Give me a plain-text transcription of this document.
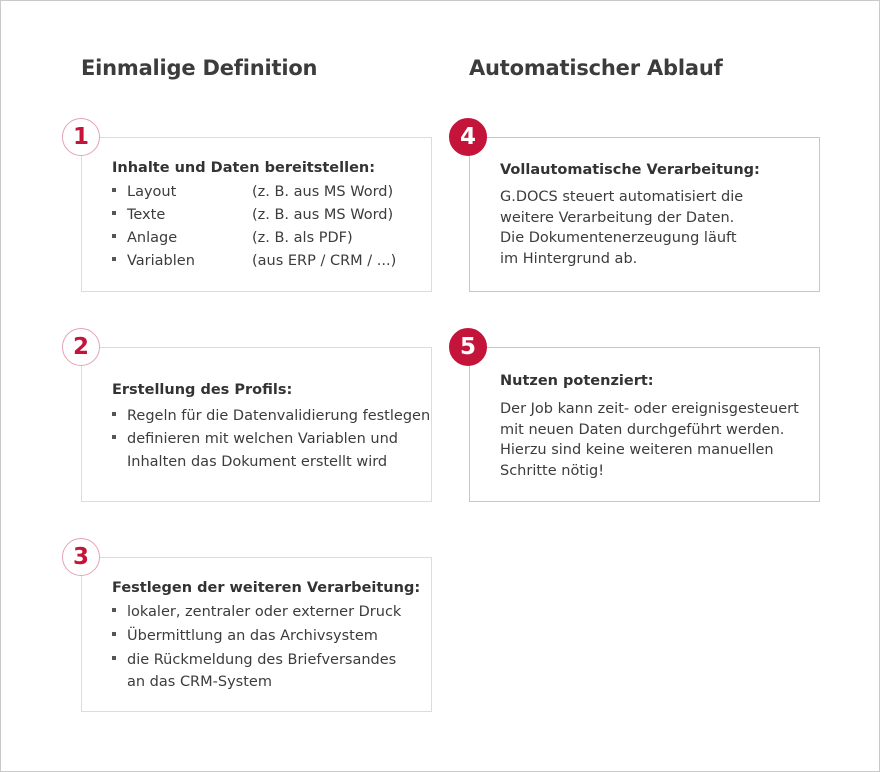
Einmalige Definition	Automatischer Ablauf
Inhalte und Daten bereitstellen:
Layout	(z. B. aus MS Word)
Texte	(z. B. aus MS Word)
Anlage	(z. B. als PDF)
Variablen	(aus ERP / CRM / ...)
1
Erstellung des Profils:
Regeln für die Datenvalidierung festlegen
definieren mit welchen Variablen und
Inhalten das Dokument erstellt wird
2
Festlegen der weiteren Verarbeitung:
lokaler, zentraler oder externer Druck
Übermittlung an das Archivsystem
die Rückmeldung des Briefversandes
an das CRM-System
3
Vollautomatische Verarbeitung:
G.DOCS steuert automatisiert die
weitere Verarbeitung der Daten.
Die Dokumentenerzeugung läuft
im Hintergrund ab.
4
Nutzen potenziert:
Der Job kann zeit- oder ereignisgesteuert
mit neuen Daten durchgeführt werden.
Hierzu sind keine weiteren manuellen
Schritte nötig!
5
